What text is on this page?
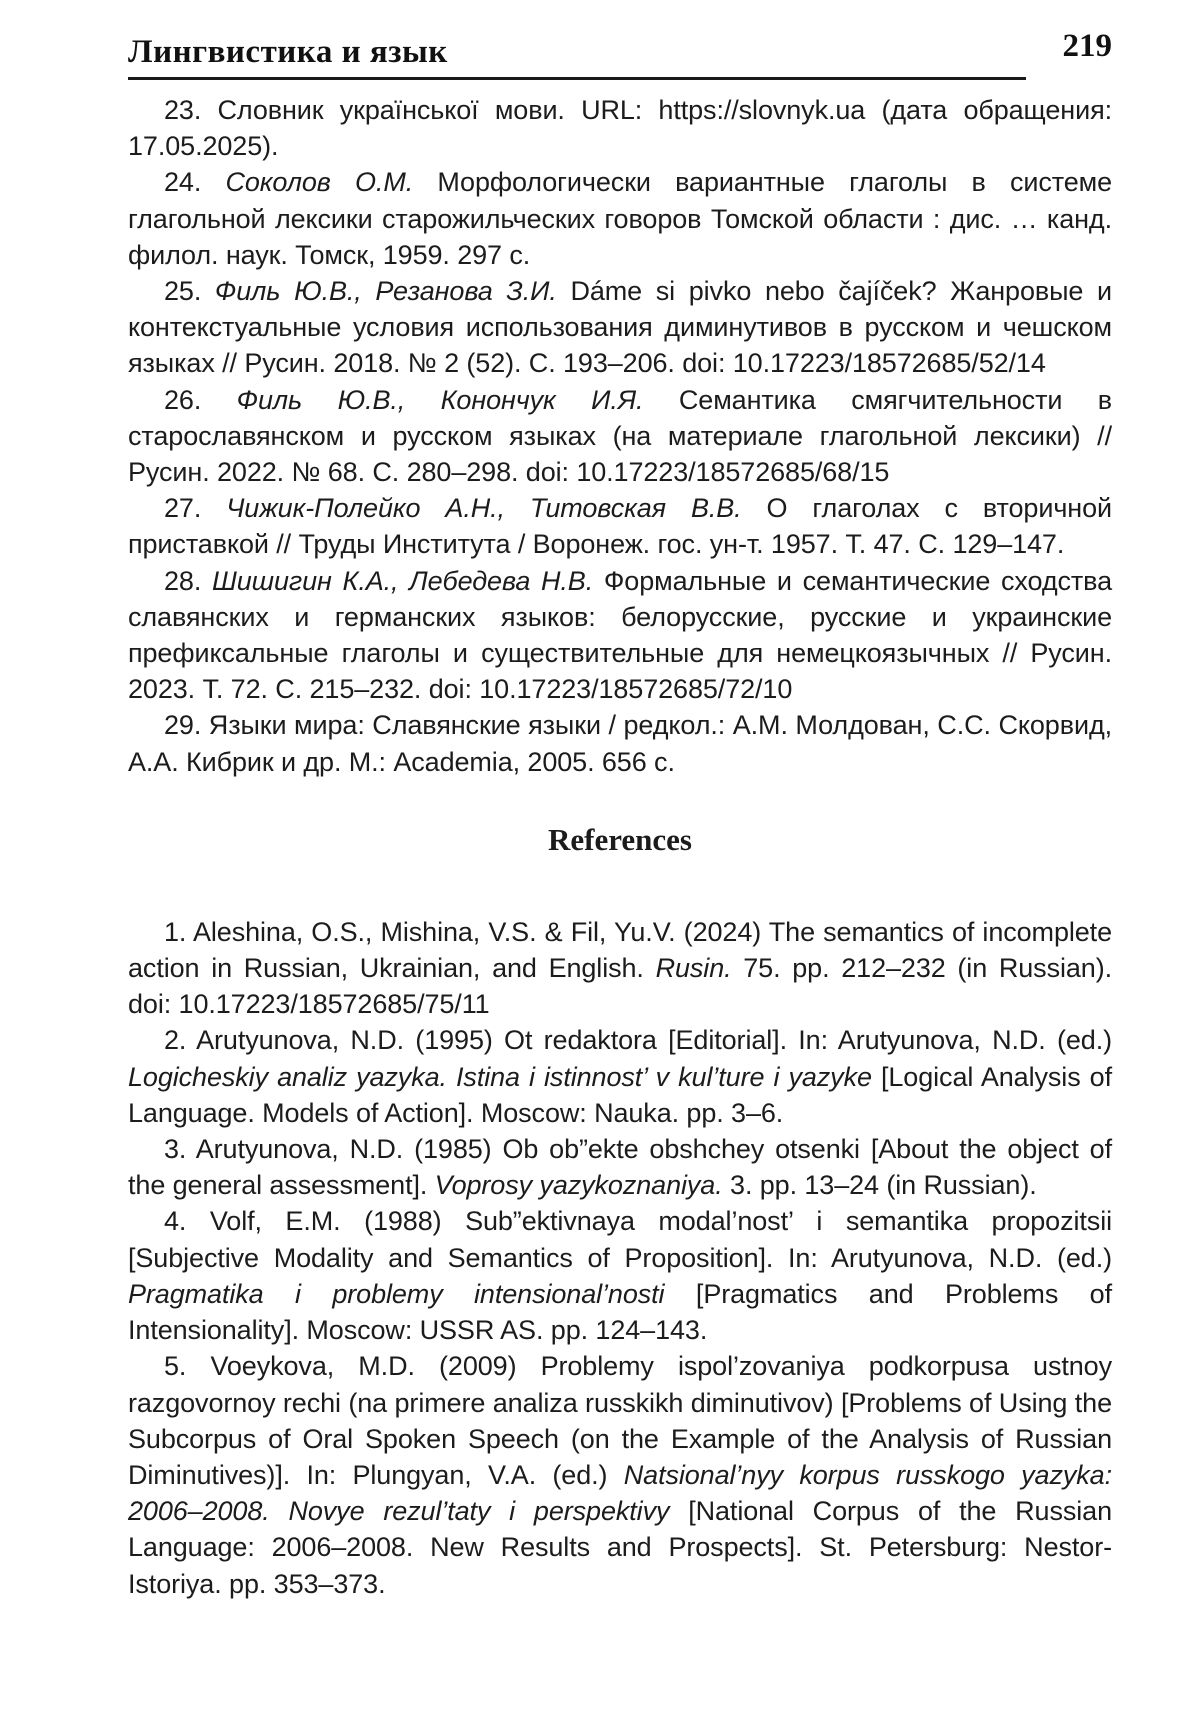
Лингвистика и язык	219

23. Словник української мови. URL: https://slovnyk.ua (дата обращения: 17.05.2025).

24. Соколов О.М. Морфологически вариантные глаголы в системе глагольной лексики старожильческих говоров Томской области : дис. … канд. филол. наук. Томск, 1959. 297 с.

25. Филь Ю.В., Резанова З.И. Dáme si pivko nebo čajíček? Жанровые и контекстуальные условия использования диминутивов в русском и чешском языках // Русин. 2018. № 2 (52). С. 193–206. doi: 10.17223/18572685/52/14

26. Филь Ю.В., Конончук И.Я. Семантика смягчительности в старославянском и русском языках (на материале глагольной лексики) // Русин. 2022. № 68. С. 280–298. doi: 10.17223/18572685/68/15

27. Чижик-Полейко А.Н., Титовская В.В. О глаголах с вторичной приставкой // Труды Института / Воронеж. гос. ун-т. 1957. Т. 47. С. 129–147.

28. Шишигин К.А., Лебедева Н.В. Формальные и семантические сходства славянских и германских языков: белорусские, русские и украинские префиксальные глаголы и существительные для немецкоязычных // Русин. 2023. Т. 72. С. 215–232. doi: 10.17223/18572685/72/10

29. Языки мира: Славянские языки / редкол.: А.М. Молдован, С.С. Скорвид, А.А. Кибрик и др. М.: Academia, 2005. 656 с.

References

1. Aleshina, O.S., Mishina, V.S. & Fil, Yu.V. (2024) The semantics of incomplete action in Russian, Ukrainian, and English. Rusin. 75. pp. 212–232 (in Russian). doi: 10.17223/18572685/75/11

2. Arutyunova, N.D. (1995) Ot redaktora [Editorial]. In: Arutyunova, N.D. (ed.) Logicheskiy analiz yazyka. Istina i istinnost’ v kul’ture i yazyke [Logical Analysis of Language. Models of Action]. Moscow: Nauka. pp. 3–6.

3. Arutyunova, N.D. (1985) Ob ob”ekte obshchey otsenki [About the object of the general assessment]. Voprosy yazykoznaniya. 3. pp. 13–24 (in Russian).

4. Volf, E.M. (1988) Sub”ektivnaya modal’nost’ i semantika propozitsii [Subjective Modality and Semantics of Proposition]. In: Arutyunova, N.D. (ed.) Pragmatika i problemy intensional’nosti [Pragmatics and Problems of Intensionality]. Moscow: USSR AS. pp. 124–143.

5. Voeykova, M.D. (2009) Problemy ispol’zovaniya podkorpusa ustnoy razgovornoy rechi (na primere analiza russkikh diminutivov) [Problems of Using the Subcorpus of Oral Spoken Speech (on the Example of the Analysis of Russian Diminutives)]. In: Plungyan, V.A. (ed.) Natsional’nyy korpus russkogo yazyka: 2006–2008. Novye rezul’taty i perspektivy [National Corpus of the Russian Language: 2006–2008. New Results and Prospects]. St. Petersburg: Nestor-Istoriya. pp. 353–373.
